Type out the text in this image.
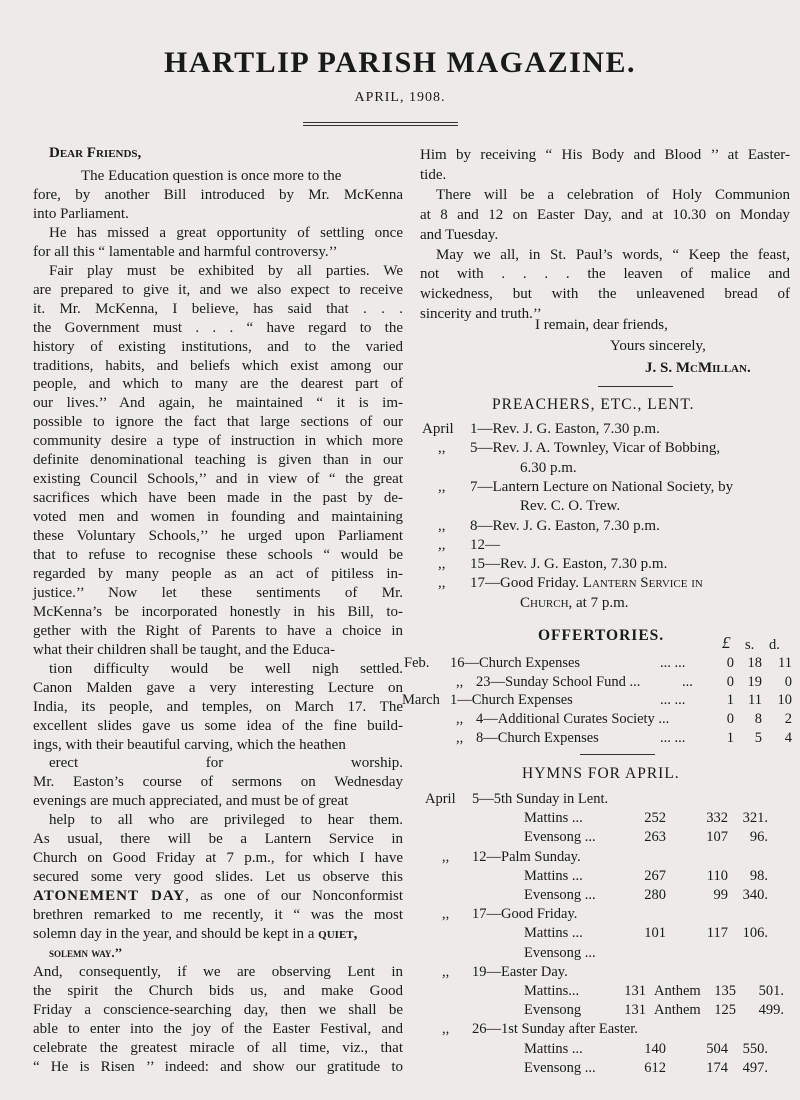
HARTLIP PARISH MAGAZINE.
APRIL, 1908.
Dear Friends,
The Education question is once more to the
fore, by another Bill introduced by Mr. McKenna
into Parliament.
He has missed a great opportunity of settling once
for all this “ lamentable and harmful controversy.’’
Fair play must be exhibited by all parties. We
are prepared to give it, and we also expect to receive
it. Mr. McKenna, I believe, has said that . . .
the Government must . . . “ have regard to the
history of existing institutions, and to the varied
traditions, habits, and beliefs which exist among our
people, and which to many are the dearest part of
our lives.’’ And again, he maintained “ it is im-
possible to ignore the fact that large sections of our
community desire a type of instruction in which more
definite denominational teaching is given than in our
existing Council Schools,’’ and in view of “ the great
sacrifices which have been made in the past by de-
voted men and women in founding and maintaining
these Voluntary Schools,’’ he urged upon Parliament
that to refuse to recognise these schools “ would be
regarded by many people as an act of pitiless in-
justice.’’ Now let these sentiments of Mr.
McKenna’s be incorporated honestly in his Bill, to-
gether with the Right of Parents to have a choice in
what their children shall be taught, and the Educa-
tion difficulty would be well nigh settled.
Canon Malden gave a very interesting Lecture on
India, its people, and temples, on March 17. The
excellent slides gave us some idea of the fine build-
ings, with their beautiful carving, which the heathen
erect for worship.
Mr. Easton’s course of sermons on Wednesday
evenings are much appreciated, and must be of great
help to all who are privileged to hear them.
As usual, there will be a Lantern Service in
Church on Good Friday at 7 p.m., for which I have
secured some very good slides. Let us observe this
ATONEMENT DAY, as one of our Nonconformist
brethren remarked to me recently, it “ was the most
solemn day in the year, and should be kept in a quiet,
solemn way.’’
And, consequently, if we are observing Lent in
the spirit the Church bids us, and make Good
Friday a conscience-searching day, then we shall be
able to enter into the joy of the Easter Festival, and
celebrate the greatest miracle of all time, viz., that
“ He is Risen ’’ indeed: and show our gratitude to
Him by receiving “ His Body and Blood ’’ at Easter-
tide.
There will be a celebration of Holy Communion
at 8 and 12 on Easter Day, and at 10.30 on Monday
and Tuesday.
May we all, in St. Paul’s words, “ Keep the feast,
not with . . . . the leaven of malice and
wickedness, but with the unleavened bread of
sincerity and truth.’’
I remain, dear friends,
Yours sincerely,
J. S. McMillan.
PREACHERS, ETC., LENT.
April 1—Rev. J. G. Easton, 7.30 p.m.
,, 5—Rev. J. A. Townley, Vicar of Bobbing,
6.30 p.m.
,, 7—Lantern Lecture on National Society, by
Rev. C. O. Trew.
,, 8—Rev. J. G. Easton, 7.30 p.m.
,, 12—
,, 15—Rev. J. G. Easton, 7.30 p.m.
,, 17—Good Friday. Lantern Service in
Church, at 7 p.m.
OFFERTORIES.	£ s. d.
Feb. 16—Church Expenses	... ...	0 18	11
,, 23—Sunday School Fund ...	...	0 19	0
March 1—Church Expenses	... ...	1 11	10
,, 4—Additional Curates Society ...	0	8	2
,, 8—Church Expenses	... ...	1	5	4
HYMNS FOR APRIL.
April 5—5th Sunday in Lent.
Mattins ...	252	332	321.
Evensong ...	263	107	96.
,, 12—Palm Sunday.
Mattins ...	267	110	98.
Evensong ...	280	99	340.
,, 17—Good Friday.
Mattins ...	101	117	106.
Evensong ...
,, 19—Easter Day.
Mattins...	131 Anthem 135	501.
Evensong	131 Anthem 125	499.
,, 26—1st Sunday after Easter.
Mattins ...	140	504	550.
Evensong ...	612	174	497.
